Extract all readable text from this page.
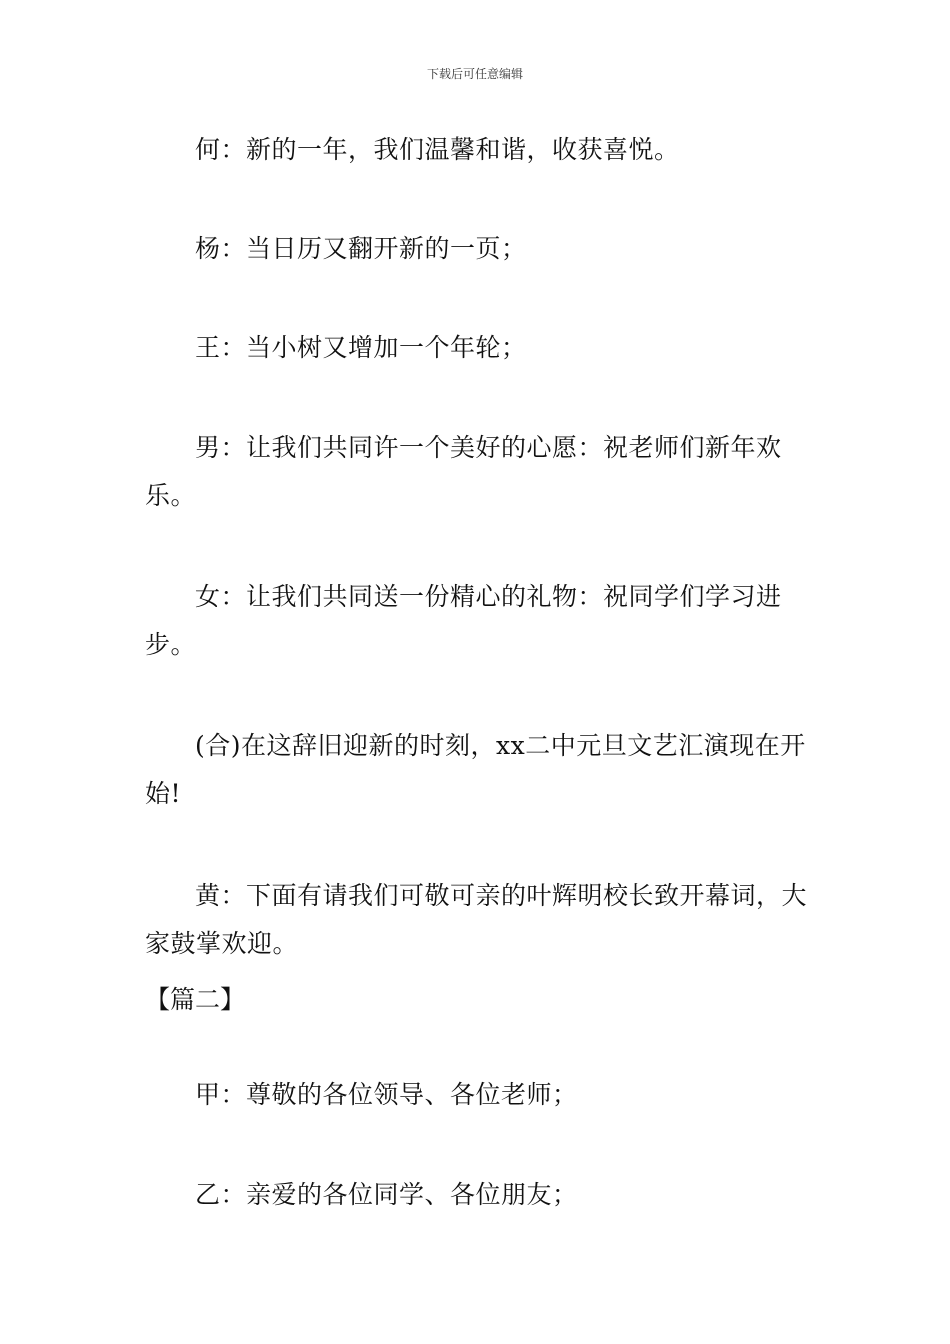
下载后可任意编辑

何：新的一年，我们温馨和谐，收获喜悦。

杨：当日历又翻开新的一页；

王：当小树又增加一个年轮；

男：让我们共同许一个美好的心愿：祝老师们新年欢乐。

女：让我们共同送一份精心的礼物：祝同学们学习进步。

(合)在这辞旧迎新的时刻，xx二中元旦文艺汇演现在开始!

黄：下面有请我们可敬可亲的叶辉明校长致开幕词，大家鼓掌欢迎。

【篇二】

甲：尊敬的各位领导、各位老师；

乙：亲爱的各位同学、各位朋友；
